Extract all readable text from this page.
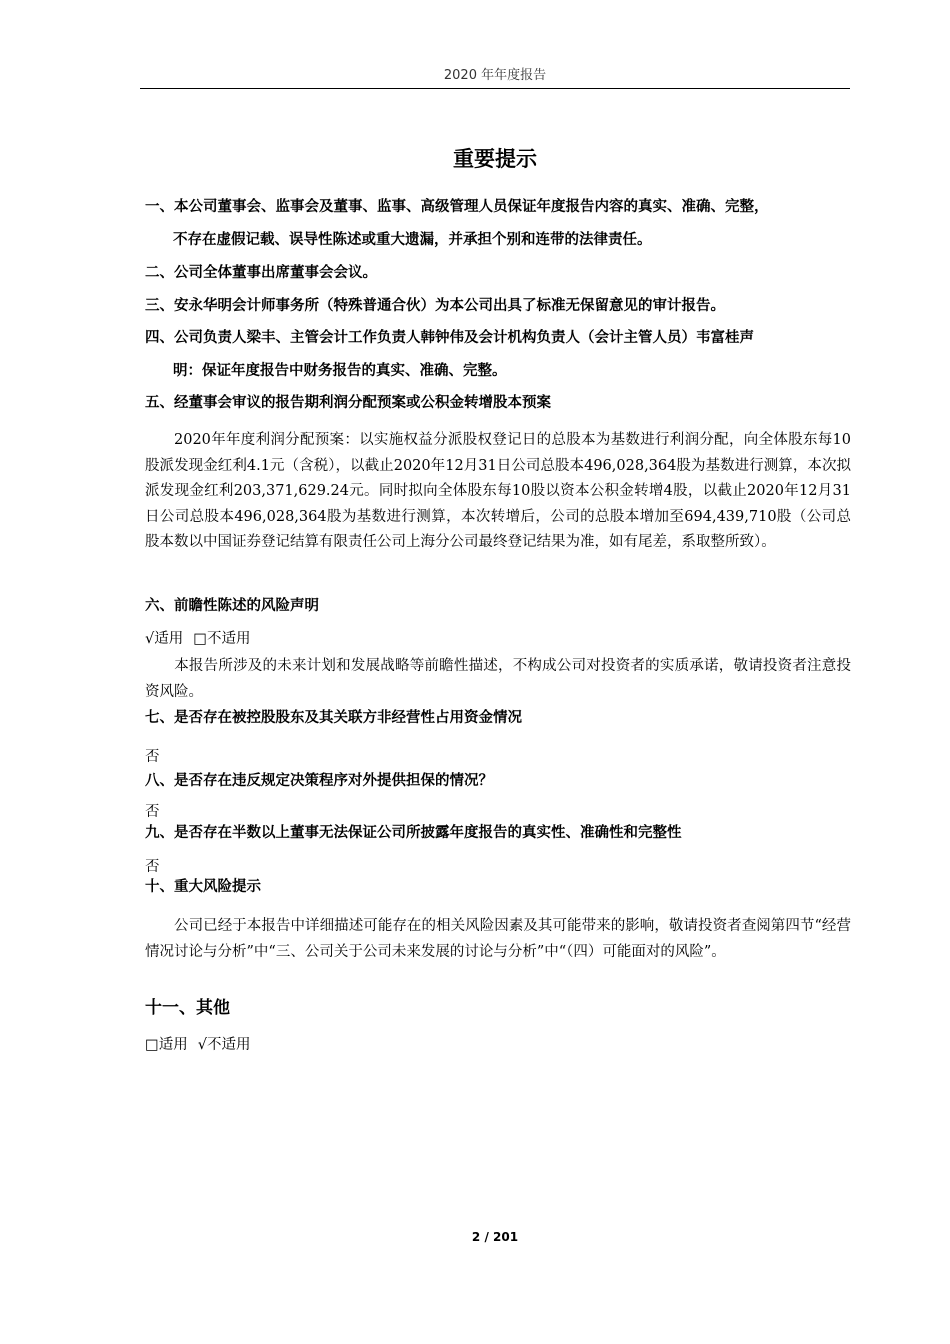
2020 年年度报告
重要提示
一、本公司董事会、监事会及董事、监事、高级管理人员保证年度报告内容的真实、准确、完整，
不存在虚假记载、误导性陈述或重大遗漏，并承担个别和连带的法律责任。
二、公司全体董事出席董事会会议。
三、安永华明会计师事务所（特殊普通合伙）为本公司出具了标准无保留意见的审计报告。
四、公司负责人梁丰、主管会计工作负责人韩钟伟及会计机构负责人（会计主管人员）韦富桂声
明：保证年度报告中财务报告的真实、准确、完整。
五、经董事会审议的报告期利润分配预案或公积金转增股本预案
2020年年度利润分配预案：以实施权益分派股权登记日的总股本为基数进行利润分配，向全体股东每10股派发现金红利4.1元（含税），以截止2020年12月31日公司总股本496,028,364股为基数进行测算，本次拟派发现金红利203,371,629.24元。同时拟向全体股东每10股以资本公积金转增4股，以截止2020年12月31日公司总股本496,028,364股为基数进行测算，本次转增后，公司的总股本增加至694,439,710股（公司总股本数以中国证券登记结算有限责任公司上海分公司最终登记结果为准，如有尾差，系取整所致）。
六、前瞻性陈述的风险声明
√适用 □不适用
本报告所涉及的未来计划和发展战略等前瞻性描述，不构成公司对投资者的实质承诺，敬请投资者注意投资风险。
七、是否存在被控股股东及其关联方非经营性占用资金情况
否
八、是否存在违反规定决策程序对外提供担保的情况？
否
九、是否存在半数以上董事无法保证公司所披露年度报告的真实性、准确性和完整性
否
十、重大风险提示
公司已经于本报告中详细描述可能存在的相关风险因素及其可能带来的影响，敬请投资者查阅第四节“经营情况讨论与分析”中“三、公司关于公司未来发展的讨论与分析”中“（四）可能面对的风险”。
十一、其他
□适用 √不适用
2 / 201
